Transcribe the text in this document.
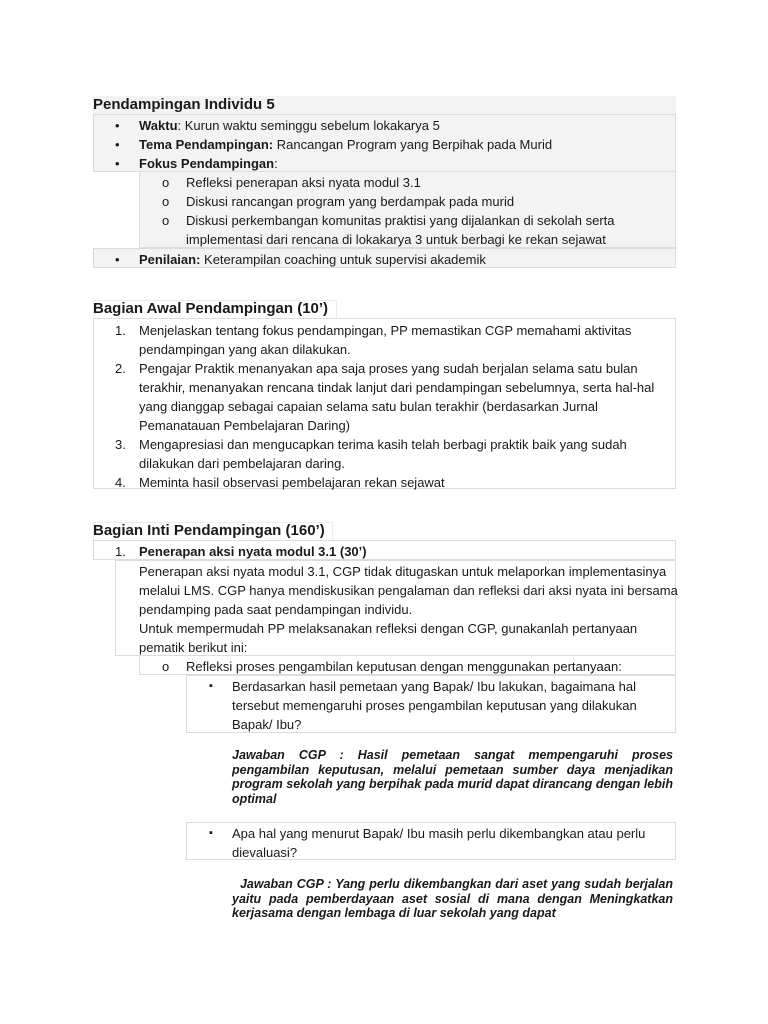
Pendampingan Individu 5
• Waktu: Kurun waktu seminggu sebelum lokakarya 5
• Tema Pendampingan: Rancangan Program yang Berpihak pada Murid
• Fokus Pendampingan:
o Refleksi penerapan aksi nyata modul 3.1
o Diskusi rancangan program yang berdampak pada murid
o Diskusi perkembangan komunitas praktisi yang dijalankan di sekolah serta
implementasi dari rencana di lokakarya 3 untuk berbagi ke rekan sejawat
• Penilaian: Keterampilan coaching untuk supervisi akademik
Bagian Awal Pendampingan (10’)
1. Menjelaskan tentang fokus pendampingan, PP memastikan CGP memahami aktivitas
pendampingan yang akan dilakukan.
2. Pengajar Praktik menanyakan apa saja proses yang sudah berjalan selama satu bulan
terakhir, menanyakan rencana tindak lanjut dari pendampingan sebelumnya, serta hal-hal
yang dianggap sebagai capaian selama satu bulan terakhir (berdasarkan Jurnal
Pemanatauan Pembelajaran Daring)
3. Mengapresiasi dan mengucapkan terima kasih telah berbagi praktik baik yang sudah
dilakukan dari pembelajaran daring.
4. Meminta hasil observasi pembelajaran rekan sejawat
Bagian Inti Pendampingan (160’)
1. Penerapan aksi nyata modul 3.1 (30’)
Penerapan aksi nyata modul 3.1, CGP tidak ditugaskan untuk melaporkan implementasinya
melalui LMS. CGP hanya mendiskusikan pengalaman dan refleksi dari aksi nyata ini bersama
pendamping pada saat pendampingan individu.
Untuk mempermudah PP melaksanakan refleksi dengan CGP, gunakanlah pertanyaan
pematik berikut ini:
o Refleksi proses pengambilan keputusan dengan menggunakan pertanyaan:
▪ Berdasarkan hasil pemetaan yang Bapak/ Ibu lakukan, bagaimana hal
tersebut memengaruhi proses pengambilan keputusan yang dilakukan
Bapak/ Ibu?
Jawaban CGP : Hasil pemetaan sangat mempengaruhi proses pengambilan keputusan, melalui pemetaan sumber daya menjadikan program sekolah yang berpihak pada murid dapat dirancang dengan lebih optimal
▪ Apa hal yang menurut Bapak/ Ibu masih perlu dikembangkan atau perlu
dievaluasi?
Jawaban CGP : Yang perlu dikembangkan dari aset yang sudah berjalan yaitu pada pemberdayaan aset sosial di mana dengan Meningkatkan kerjasama dengan lembaga di luar sekolah yang dapat
